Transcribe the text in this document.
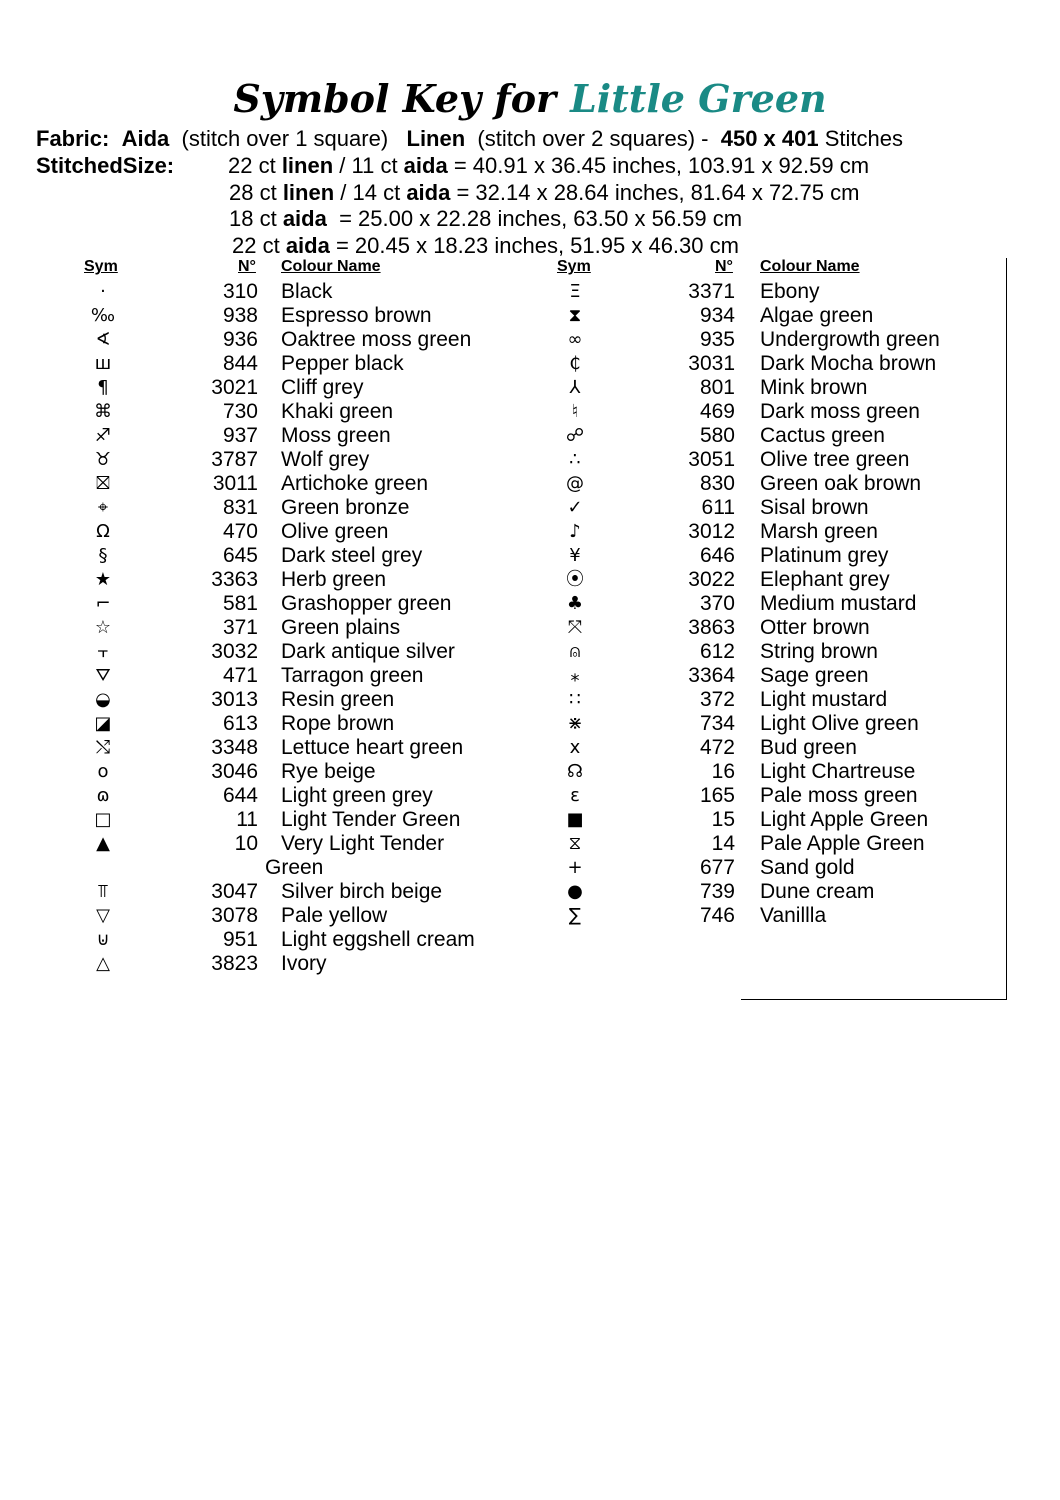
Symbol Key for Little Green
Fabric: Aida (stitch over 1 square) Linen (stitch over 2 squares) - 450 x 401 Stitches
StitchedSize: 22 ct linen / 11 ct aida = 40.91 x 36.45 inches, 103.91 x 92.59 cm
28 ct linen / 14 ct aida = 32.14 x 28.64 inches, 81.64 x 72.75 cm
18 ct aida  = 25.00 x 22.28 inches, 63.50 x 56.59 cm
22 ct aida = 20.45 x 18.23 inches, 51.95 x 46.30 cm
Sym	N° Colour Name	Sym	N° Colour Name
·	310 Black
‰	938 Espresso brown
∢	936 Oaktree moss green
ш	844 Pepper black
¶	3021 Cliff grey
⌘	730 Khaki green
♐	937 Moss green
♉	3787 Wolf grey
⛝	3011 Artichoke green
⌖	831 Green bronze
Ω	470 Olive green
§	645 Dark steel grey
★	3363 Herb green
⌐	581 Grashopper green
☆	371 Green plains
⫟	3032 Dark antique silver
⛛	471 Tarragon green
◒	3013 Resin green
◪	613 Rope brown
⤭	3348 Lettuce heart green
o	3046 Rye beige
ɷ	644 Light green grey
□	11 Light Tender Green
▲	10 Very Light Tender
Green
⫪	3047 Silver birch beige
▽	3078 Pale yellow
⊍	951 Light eggshell cream
△	3823 Ivory
Ξ	3371 Ebony
⧗	934 Algae green
∞	935 Undergrowth green
₵	3031 Dark Mocha brown
⅄	801 Mink brown
♮	469 Dark moss green
☍	580 Cactus green
∴	3051 Olive tree green
@	830 Green oak brown
✓	611 Sisal brown
♪	3012 Marsh green
¥	646 Platinum grey
⦿	3022 Elephant grey
♣	370 Medium mustard
⤧	3863 Otter brown
⍝	612 String brown
⁎	3364 Sage green
∷	372 Light mustard
⋇	734 Light Olive green
x	472 Bud green
☊	16 Light Chartreuse
ɛ	165 Pale moss green
■	15 Light Apple Green
⧖	14 Pale Apple Green
+	677 Sand gold
●	739 Dune cream
∑	746 Vanillla
